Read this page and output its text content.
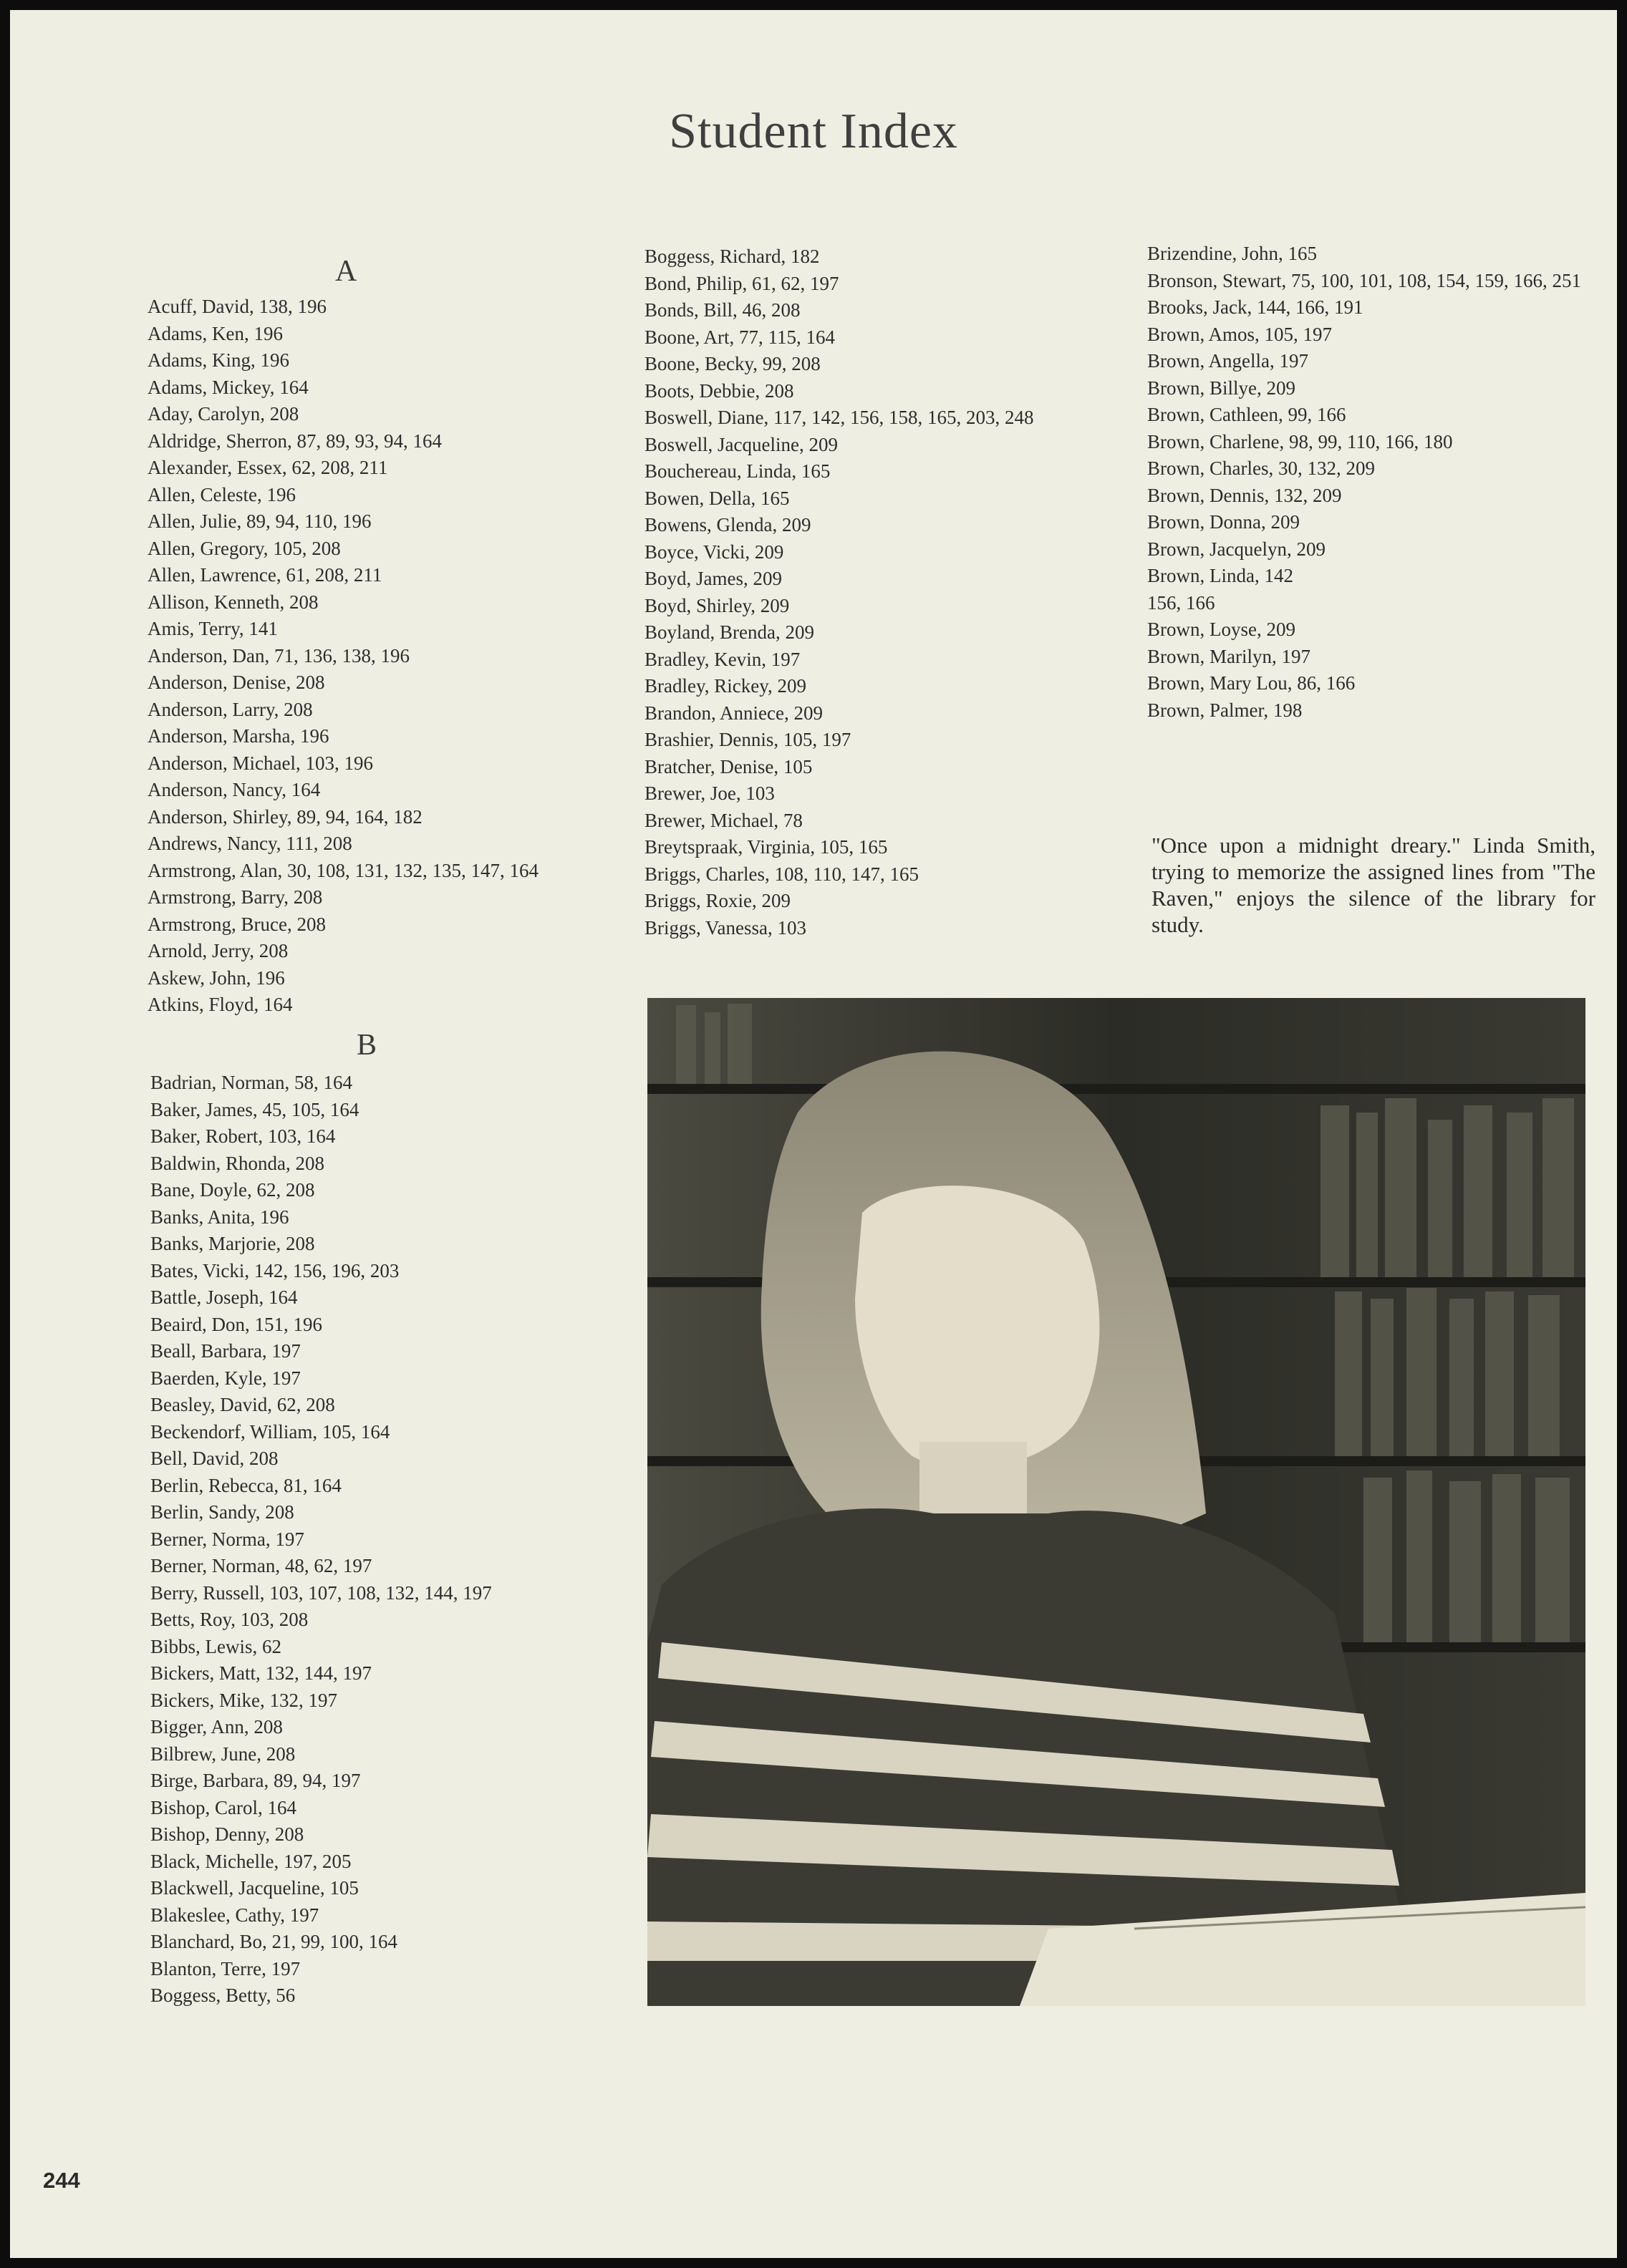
Student Index
A
Acuff, David, 138, 196
Adams, Ken, 196
Adams, King, 196
Adams, Mickey, 164
Aday, Carolyn, 208
Aldridge, Sherron, 87, 89, 93, 94, 164
Alexander, Essex, 62, 208, 211
Allen, Celeste, 196
Allen, Julie, 89, 94, 110, 196
Allen, Gregory, 105, 208
Allen, Lawrence, 61, 208, 211
Allison, Kenneth, 208
Amis, Terry, 141
Anderson, Dan, 71, 136, 138, 196
Anderson, Denise, 208
Anderson, Larry, 208
Anderson, Marsha, 196
Anderson, Michael, 103, 196
Anderson, Nancy, 164
Anderson, Shirley, 89, 94, 164, 182
Andrews, Nancy, 111, 208
Armstrong, Alan, 30, 108, 131, 132, 135, 147, 164
Armstrong, Barry, 208
Armstrong, Bruce, 208
Arnold, Jerry, 208
Askew, John, 196
Atkins, Floyd, 164
B
Badrian, Norman, 58, 164
Baker, James, 45, 105, 164
Baker, Robert, 103, 164
Baldwin, Rhonda, 208
Bane, Doyle, 62, 208
Banks, Anita, 196
Banks, Marjorie, 208
Bates, Vicki, 142, 156, 196, 203
Battle, Joseph, 164
Beaird, Don, 151, 196
Beall, Barbara, 197
Baerden, Kyle, 197
Beasley, David, 62, 208
Beckendorf, William, 105, 164
Bell, David, 208
Berlin, Rebecca, 81, 164
Berlin, Sandy, 208
Berner, Norma, 197
Berner, Norman, 48, 62, 197
Berry, Russell, 103, 107, 108, 132, 144, 197
Betts, Roy, 103, 208
Bibbs, Lewis, 62
Bickers, Matt, 132, 144, 197
Bickers, Mike, 132, 197
Bigger, Ann, 208
Bilbrew, June, 208
Birge, Barbara, 89, 94, 197
Bishop, Carol, 164
Bishop, Denny, 208
Black, Michelle, 197, 205
Blackwell, Jacqueline, 105
Blakeslee, Cathy, 197
Blanchard, Bo, 21, 99, 100, 164
Blanton, Terre, 197
Boggess, Betty, 56
Boggess, Richard, 182
Bond, Philip, 61, 62, 197
Bonds, Bill, 46, 208
Boone, Art, 77, 115, 164
Boone, Becky, 99, 208
Boots, Debbie, 208
Boswell, Diane, 117, 142, 156, 158, 165, 203, 248
Boswell, Jacqueline, 209
Bouchereau, Linda, 165
Bowen, Della, 165
Bowens, Glenda, 209
Boyce, Vicki, 209
Boyd, James, 209
Boyd, Shirley, 209
Boyland, Brenda, 209
Bradley, Kevin, 197
Bradley, Rickey, 209
Brandon, Anniece, 209
Brashier, Dennis, 105, 197
Bratcher, Denise, 105
Brewer, Joe, 103
Brewer, Michael, 78
Breytspraak, Virginia, 105, 165
Briggs, Charles, 108, 110, 147, 165
Briggs, Roxie, 209
Briggs, Vanessa, 103
Brizendine, John, 165
Bronson, Stewart, 75, 100, 101, 108, 154, 159, 166, 251
Brooks, Jack, 144, 166, 191
Brown, Amos, 105, 197
Brown, Angella, 197
Brown, Billye, 209
Brown, Cathleen, 99, 166
Brown, Charlene, 98, 99, 110, 166, 180
Brown, Charles, 30, 132, 209
Brown, Dennis, 132, 209
Brown, Donna, 209
Brown, Jacquelyn, 209
Brown, Linda, 142
156, 166
Brown, Loyse, 209
Brown, Marilyn, 197
Brown, Mary Lou, 86, 166
Brown, Palmer, 198

"Once upon a midnight dreary." Linda Smith, trying to memorize the assigned lines from "The Raven," enjoys the silence of the library for study.

244
